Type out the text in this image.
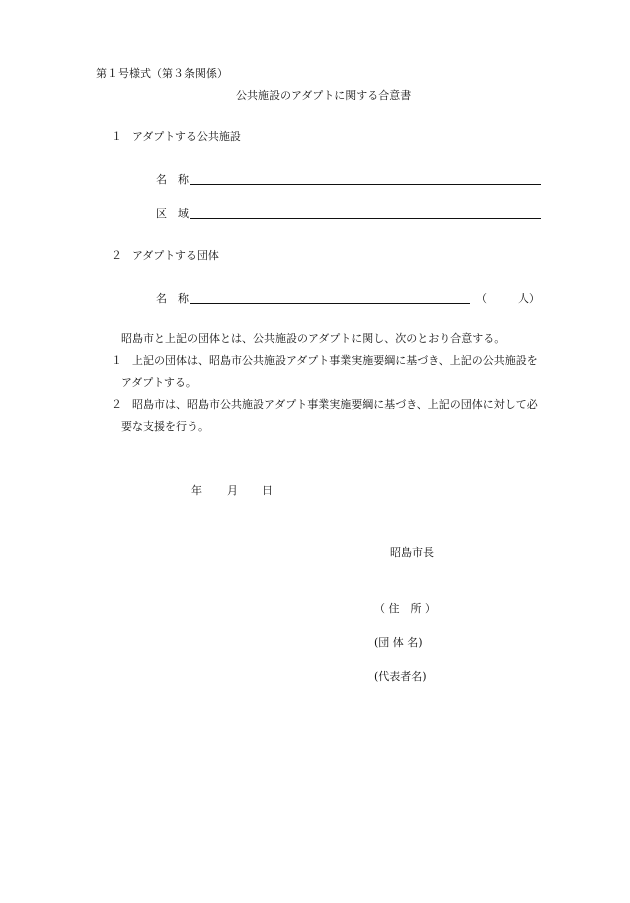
第１号様式（第３条関係）
公共施設のアダプトに関する合意書
１ アダプトする公共施設
名　称
区　域
２ アダプトする団体
名　称	（	人）
昭島市と上記の団体とは、公共施設のアダプトに関し、次のとおり合意する。
１ 上記の団体は、昭島市公共施設アダプト事業実施要綱に基づき、上記の公共施設を
アダプトする。
２ 昭島市は、昭島市公共施設アダプト事業実施要綱に基づき、上記の団体に対して必
要な支援を行う。
年 月 日
昭島市長
（ 住　所 ）
(団 体 名)
(代表者名)
